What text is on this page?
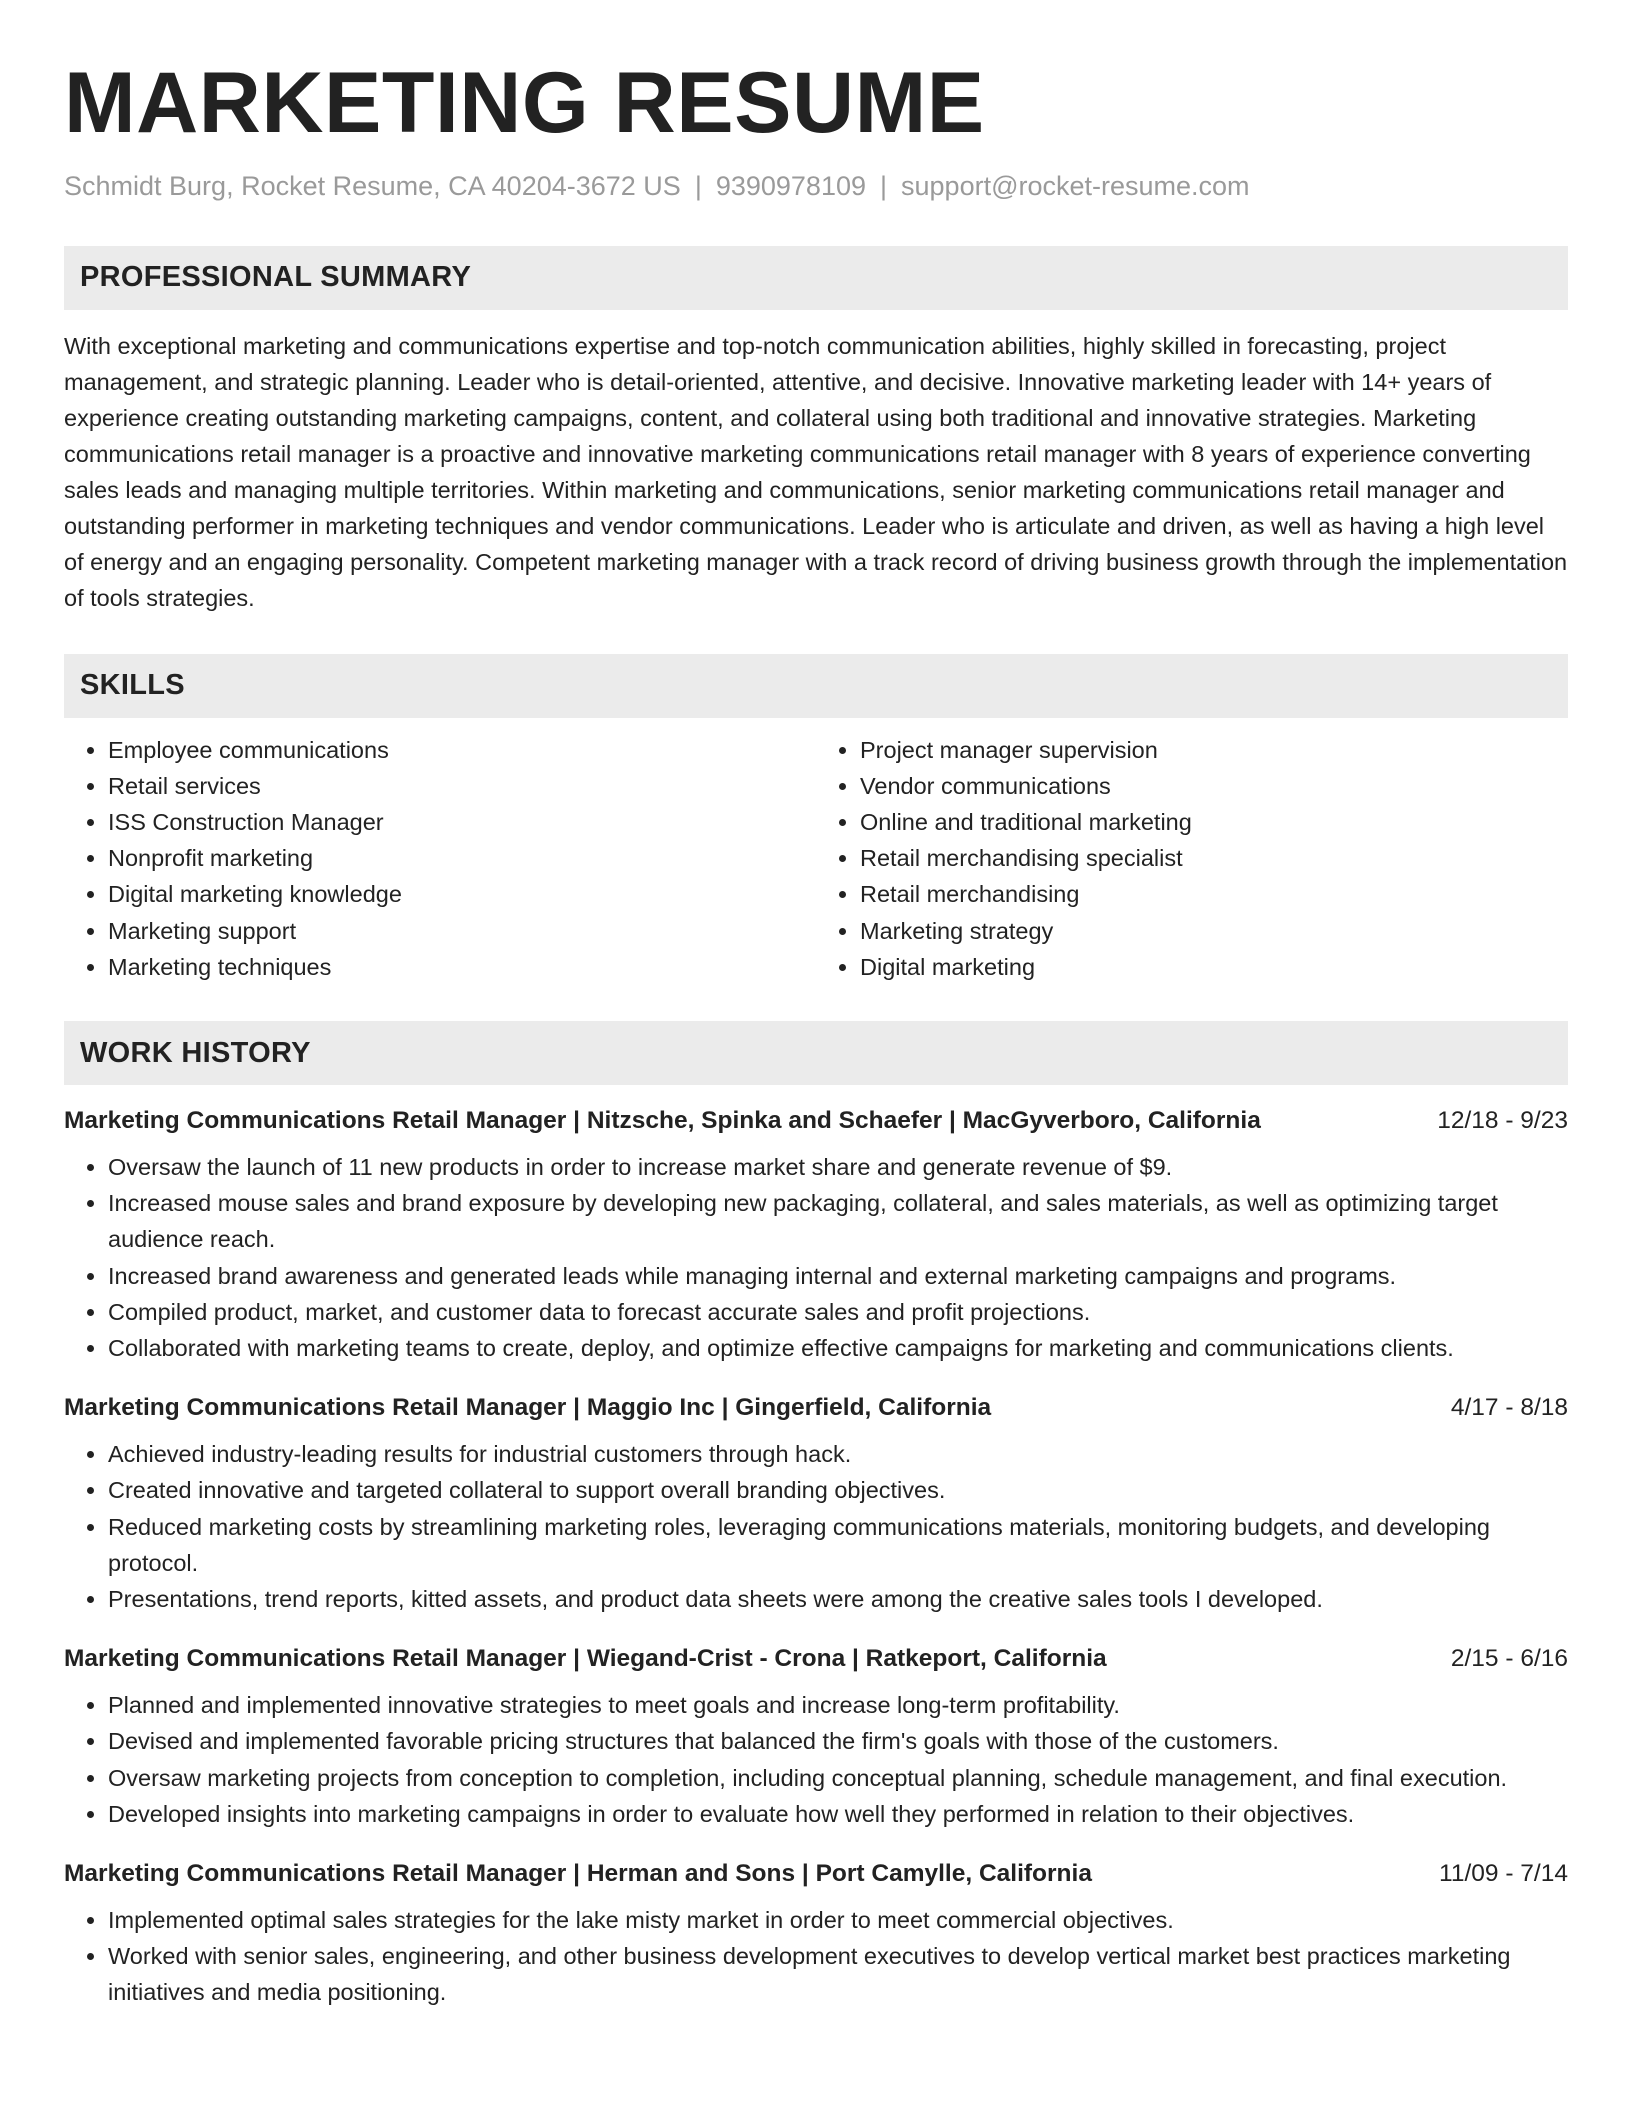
MARKETING RESUME
Schmidt Burg, Rocket Resume, CA 40204-3672 US | 9390978109 | support@rocket-resume.com
PROFESSIONAL SUMMARY
With exceptional marketing and communications expertise and top-notch communication abilities, highly skilled in forecasting, project management, and strategic planning. Leader who is detail-oriented, attentive, and decisive. Innovative marketing leader with 14+ years of experience creating outstanding marketing campaigns, content, and collateral using both traditional and innovative strategies. Marketing communications retail manager is a proactive and innovative marketing communications retail manager with 8 years of experience converting sales leads and managing multiple territories. Within marketing and communications, senior marketing communications retail manager and outstanding performer in marketing techniques and vendor communications. Leader who is articulate and driven, as well as having a high level of energy and an engaging personality. Competent marketing manager with a track record of driving business growth through the implementation of tools strategies.
SKILLS
• Employee communications
• Retail services
• ISS Construction Manager
• Nonprofit marketing
• Digital marketing knowledge
• Marketing support
• Marketing techniques
• Project manager supervision
• Vendor communications
• Online and traditional marketing
• Retail merchandising specialist
• Retail merchandising
• Marketing strategy
• Digital marketing
WORK HISTORY
Marketing Communications Retail Manager | Nitzsche, Spinka and Schaefer | MacGyverboro, California	12/18 - 9/23
• Oversaw the launch of 11 new products in order to increase market share and generate revenue of $9.
• Increased mouse sales and brand exposure by developing new packaging, collateral, and sales materials, as well as optimizing target audience reach.
• Increased brand awareness and generated leads while managing internal and external marketing campaigns and programs.
• Compiled product, market, and customer data to forecast accurate sales and profit projections.
• Collaborated with marketing teams to create, deploy, and optimize effective campaigns for marketing and communications clients.
Marketing Communications Retail Manager | Maggio Inc | Gingerfield, California	4/17 - 8/18
• Achieved industry-leading results for industrial customers through hack.
• Created innovative and targeted collateral to support overall branding objectives.
• Reduced marketing costs by streamlining marketing roles, leveraging communications materials, monitoring budgets, and developing protocol.
• Presentations, trend reports, kitted assets, and product data sheets were among the creative sales tools I developed.
Marketing Communications Retail Manager | Wiegand-Crist - Crona | Ratkeport, California	2/15 - 6/16
• Planned and implemented innovative strategies to meet goals and increase long-term profitability.
• Devised and implemented favorable pricing structures that balanced the firm's goals with those of the customers.
• Oversaw marketing projects from conception to completion, including conceptual planning, schedule management, and final execution.
• Developed insights into marketing campaigns in order to evaluate how well they performed in relation to their objectives.
Marketing Communications Retail Manager | Herman and Sons | Port Camylle, California	11/09 - 7/14
• Implemented optimal sales strategies for the lake misty market in order to meet commercial objectives.
• Worked with senior sales, engineering, and other business development executives to develop vertical market best practices marketing initiatives and media positioning.
